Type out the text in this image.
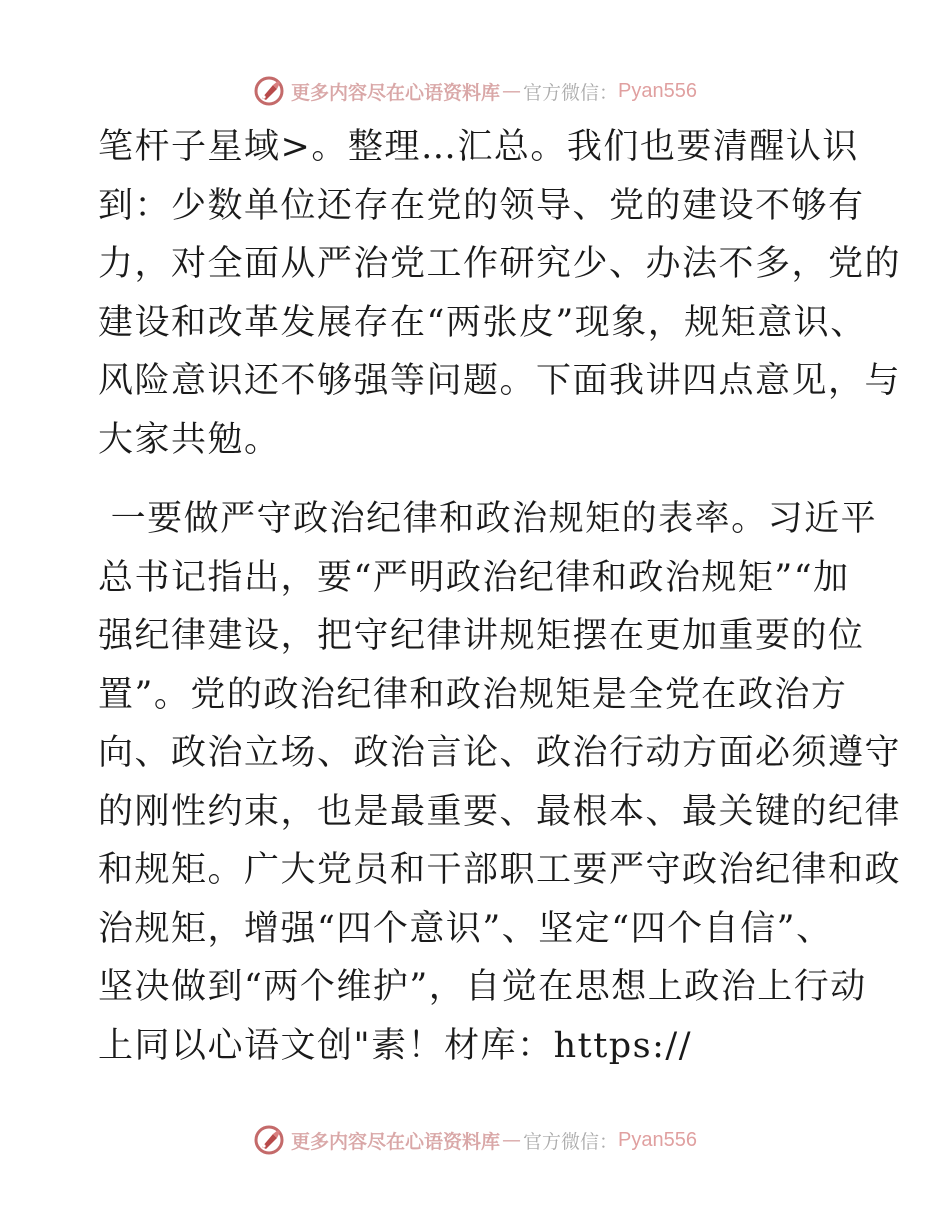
更多内容尽在心语资料库 — 官方微信： Pyan556

笔杆子星域>。整理…汇总。我们也要清醒认识
到：少数单位还存在党的领导、党的建设不够有
力，对全面从严治党工作研究少、办法不多，党的
建设和改革发展存在“两张皮”现象，规矩意识、
风险意识还不够强等问题。下面我讲四点意见，与
大家共勉。

一要做严守政治纪律和政治规矩的表率。习近平
总书记指出，要“严明政治纪律和政治规矩”“加
强纪律建设，把守纪律讲规矩摆在更加重要的位
置”。党的政治纪律和政治规矩是全党在政治方
向、政治立场、政治言论、政治行动方面必须遵守
的刚性约束，也是最重要、最根本、最关键的纪律
和规矩。广大党员和干部职工要严守政治纪律和政
治规矩，增强“四个意识”、坚定“四个自信”、
坚决做到“两个维护”，自觉在思想上政治上行动
上同以心语文创"素！材库：https://

更多内容尽在心语资料库 — 官方微信： Pyan556
